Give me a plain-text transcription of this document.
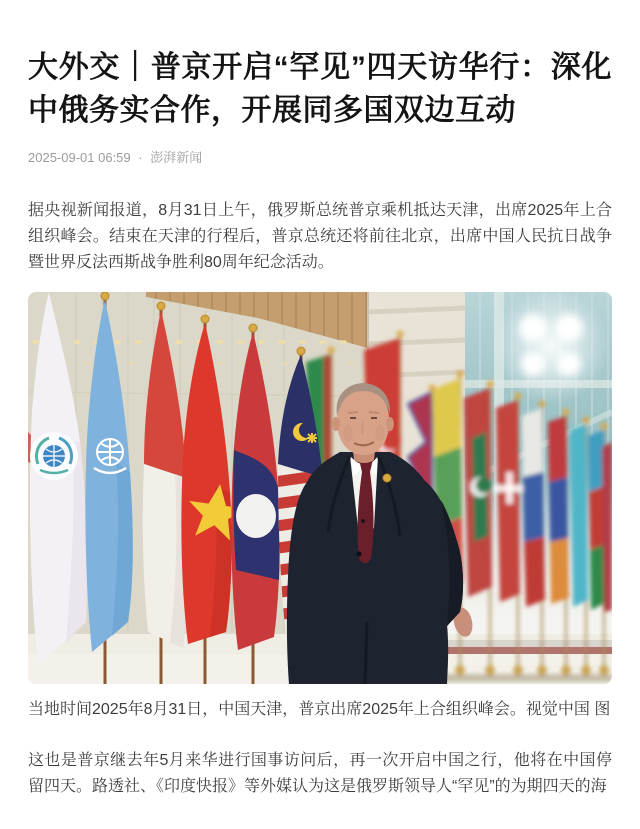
大外交｜普京开启“罕见”四天访华行：深化中俄务实合作，开展同多国双边互动
2025-09-01 06:59 · 澎湃新闻

据央视新闻报道，8月31日上午，俄罗斯总统普京乘机抵达天津，出席2025年上合组织峰会。结束在天津的行程后，普京总统还将前往北京，出席中国人民抗日战争暨世界反法西斯战争胜利80周年纪念活动。

当地时间2025年8月31日，中国天津，普京出席2025年上合组织峰会。视觉中国 图

这也是普京继去年5月来华进行国事访问后，再一次开启中国之行，他将在中国停留四天。路透社、《印度快报》等外媒认为这是俄罗斯领导人“罕见”的为期四天的海
